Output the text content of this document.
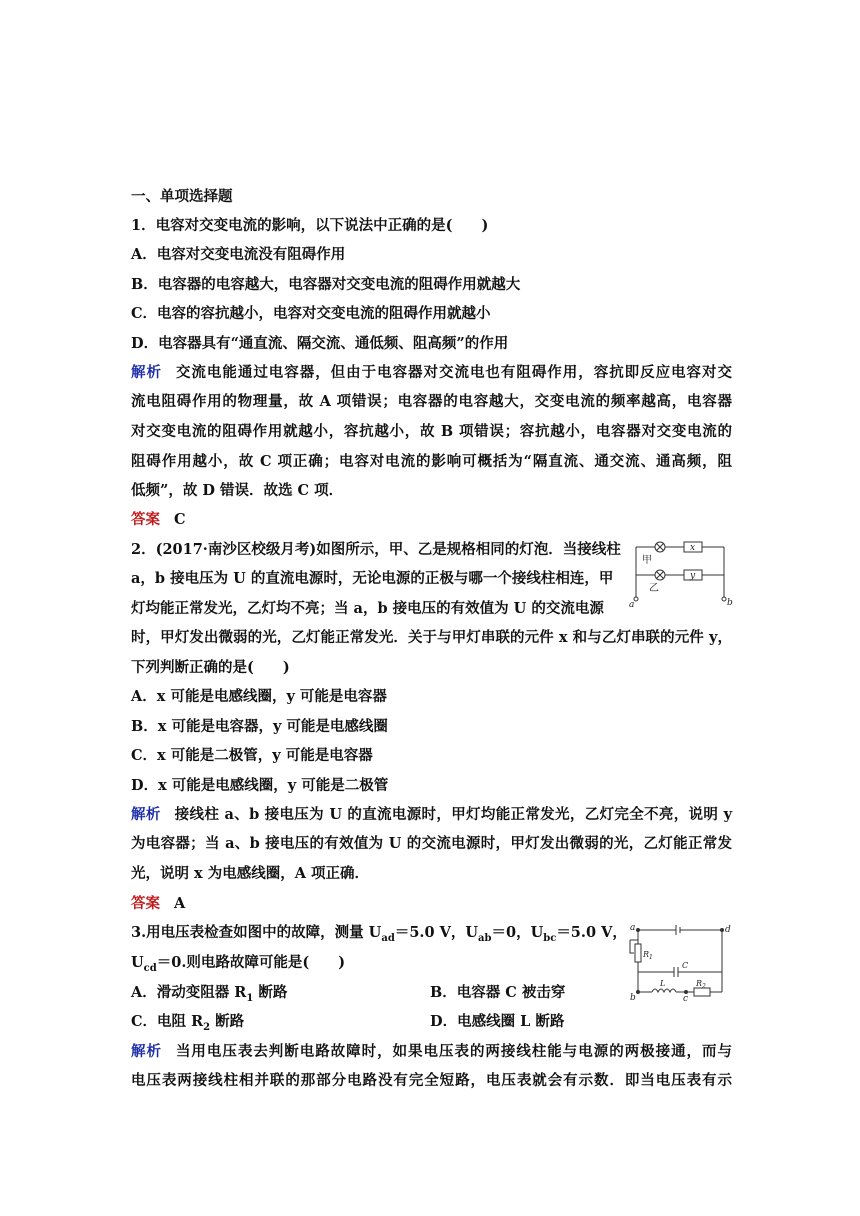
一、单项选择题
1．电容对交变电流的影响，以下说法中正确的是(　　)
A．电容对交变电流没有阻碍作用
B．电容器的电容越大，电容器对交变电流的阻碍作用就越大
C．电容的容抗越小，电容对交变电流的阻碍作用就越小
D．电容器具有“通直流、隔交流、通低频、阻高频”的作用
解析 交流电能通过电容器，但由于电容器对交流电也有阻碍作用，容抗即反应电容对交
流电阻碍作用的物理量，故 A 项错误；电容器的电容越大，交变电流的频率越高，电容器
对交变电流的阻碍作用就越小，容抗越小，故 B 项错误；容抗越小，电容器对交变电流的
阻碍作用越小，故 C 项正确；电容对电流的影响可概括为“隔直流、通交流、通高频，阻
低频”，故 D 错误．故选 C 项．
答案 C
2．(2017·南沙区校级月考)如图所示，甲、乙是规格相同的灯泡．当接线柱
a，b 接电压为 U 的直流电源时，无论电源的正极与哪一个接线柱相连，甲
灯均能正常发光，乙灯均不亮；当 a，b 接电压的有效值为 U 的交流电源
时，甲灯发出微弱的光，乙灯能正常发光．关于与甲灯串联的元件 x 和与乙灯串联的元件 y，
下列判断正确的是(　　)
A．x 可能是电感线圈，y 可能是电容器
B．x 可能是电容器，y 可能是电感线圈
C．x 可能是二极管，y 可能是电容器
D．x 可能是电感线圈，y 可能是二极管
解析 接线柱 a、b 接电压为 U 的直流电源时，甲灯均能正常发光，乙灯完全不亮，说明 y
为电容器；当 a、b 接电压的有效值为 U 的交流电源时，甲灯发出微弱的光，乙灯能正常发
光，说明 x 为电感线圈，A 项正确．
答案 A
甲
乙
x
y
a	b
3.用电压表检查如图中的故障，测量 $U_{ad}=5.0$ V，$U_{ab}=0$，$U_{bc}=5.0$ V，
$U_{cd}=0$.则电路故障可能是(　　)
A．滑动变阻器 $R_1$ 断路	B．电容器 C 被击穿
C．电阻 $R_2$ 断路	D．电感线圈 L 断路
解析 当用电压表去判断电路故障时，如果电压表的两接线柱能与电源的两极接通，而与
电压表两接线柱相并联的那部分电路没有完全短路，电压表就会有示数．即当电压表有示
a	d
b	c
$R_1$
C
L	$R_2$
